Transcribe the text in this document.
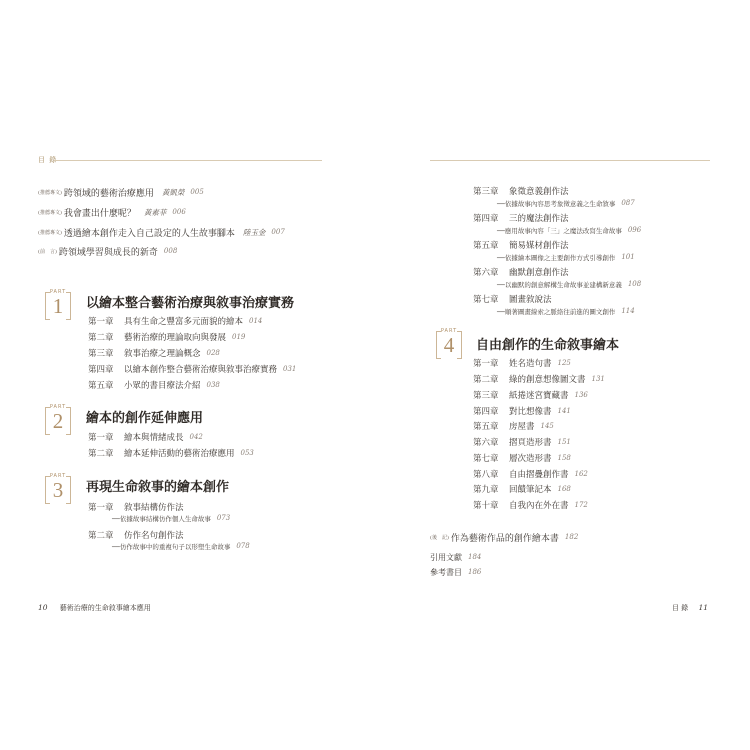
目 錄
(推薦專文) 跨領域的藝術治療應用 黃凱榮 005
(推薦專文) 我會畫出什麼呢？ 黃素菲 006
(推薦專文) 透過繪本創作走入自己設定的人生故事腳本 陸玉金 007
(前　言) 跨領域學習與成長的新奇 008
PART
1	以繪本整合藝術治療與敘事治療實務
第一章	具有生命之豐富多元面貌的繪本 014
第二章	藝術治療的理論取向與發展 019
第三章	敘事治療之理論概念 028
第四章	以繪本創作整合藝術治療與敘事治療實務 031
第五章	小眾的書目療法介紹 038
PART
2	繪本的創作延伸應用
第一章	繪本與情緒成長 042
第二章	繪本延伸活動的藝術治療應用 053
PART
3	再現生命敘事的繪本創作
第一章	敘事結構仿作法
──依據故事結構仿作個人生命故事 073
第二章	仿作名句創作法
──仿作故事中的重複句子以形塑生命故事 078
10 藝術治療的生命敘事繪本應用
第三章	象徵意義創作法
──依據故事內容思考象徵意義之生命敘事 087
第四章	三的魔法創作法
──應用故事內容「三」之魔法改寫生命故事 096
第五章	簡易媒材創作法
──依據繪本圖像之主要創作方式引導創作 101
第六章	幽默創意創作法
──以幽默的創意解構生命故事並建構新意義 108
第七章	圖畫敘說法
──順著圖畫線索之脈絡往前進的圖文創作 114
PART
4	自由創作的生命敘事繪本
第一章	姓名造句書 125
第二章	綠的創意想像圖文書 131
第三章	紙捲迷宮寶藏書 136
第四章	對比想像書 141
第五章	房屋書 145
第六章	摺頁造形書 151
第七章	層次造形書 158
第八章	自由摺疊創作書 162
第九章	回饋筆記本 168
第十章	自我內在外在書 172
(後　記) 作為藝術作品的創作繪本書 182
引用文獻 184
參考書目 186
目 錄 11
